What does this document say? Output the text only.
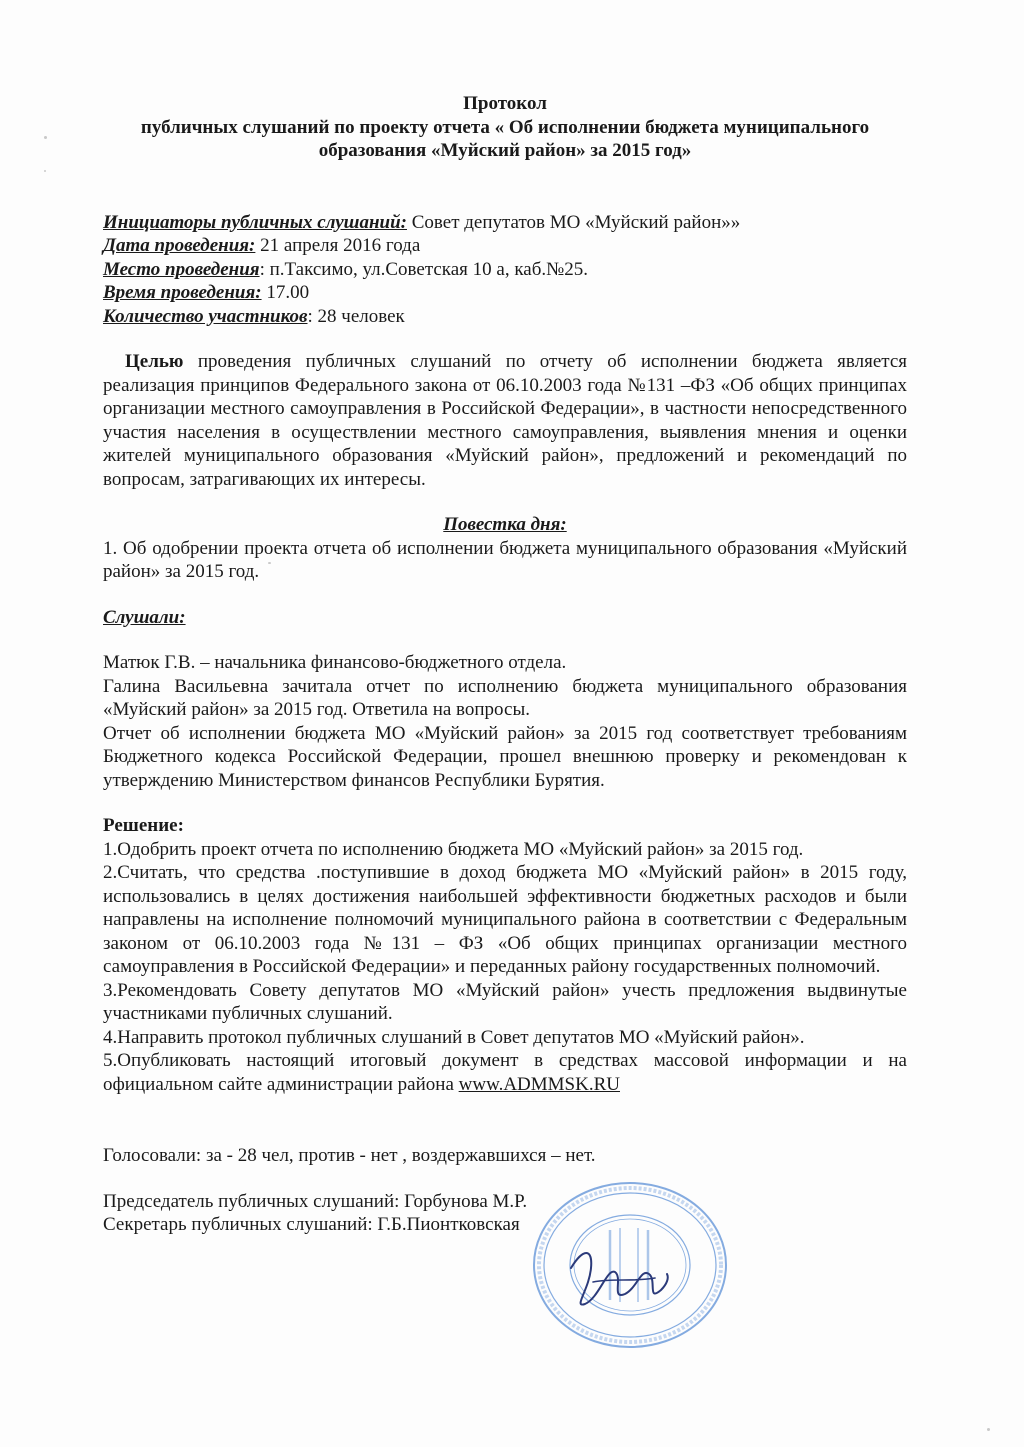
Протокол
публичных слушаний по проекту отчета « Об исполнении бюджета муниципального
образования «Муйский район» за 2015 год»

Инициаторы публичных слушаний: Совет депутатов МО «Муйский район»»

Дата проведения: 21 апреля 2016 года

Место проведения: п.Таксимо, ул.Советская 10 а, каб.№25.

Время проведения: 17.00

Количество участников: 28 человек

Целью проведения публичных слушаний по отчету об исполнении бюджета является реализация принципов Федерального закона от 06.10.2003 года №131 –ФЗ «Об общих принципах организации местного самоуправления в Российской Федерации», в частности непосредственного участия населения в осуществлении местного самоуправления, выявления мнения и оценки жителей муниципального образования «Муйский район», предложений и рекомендаций по вопросам, затрагивающих их интересы.

Повестка дня:

1. Об одобрении проекта отчета об исполнении бюджета муниципального образования «Муйский район» за 2015 год.

Слушали:

Матюк Г.В. – начальника финансово-бюджетного отдела.

Галина Васильевна зачитала отчет по исполнению бюджета муниципального образования «Муйский район» за 2015 год. Ответила на вопросы.

Отчет об исполнении бюджета МО «Муйский район» за 2015 год соответствует требованиям Бюджетного кодекса Российской Федерации, прошел внешнюю проверку и рекомендован к утверждению Министерством финансов Республики Бурятия.

Решение:

1.Одобрить проект отчета по исполнению бюджета МО «Муйский район» за 2015 год.

2.Считать, что средства .поступившие в доход бюджета МО «Муйский район» в 2015 году, использовались в целях достижения наибольшей эффективности бюджетных расходов и были направлены на исполнение полномочий муниципального района в соответствии с Федеральным законом от 06.10.2003 года №131 – ФЗ «Об общих принципах организации местного самоуправления в Российской Федерации» и переданных району государственных полномочий.

3.Рекомендовать Совету депутатов МО «Муйский район» учесть предложения выдвинутые участниками публичных слушаний.

4.Направить протокол публичных слушаний в Совет депутатов МО «Муйский район».

5.Опубликовать настоящий итоговый документ в средствах массовой информации и на официальном сайте администрации района www.ADMMSK.RU

Голосовали: за - 28 чел, против - нет , воздержавшихся – нет.

Председатель публичных слушаний: Горбунова М.Р.

Секретарь публичных слушаний: Г.Б.Пионтковская
